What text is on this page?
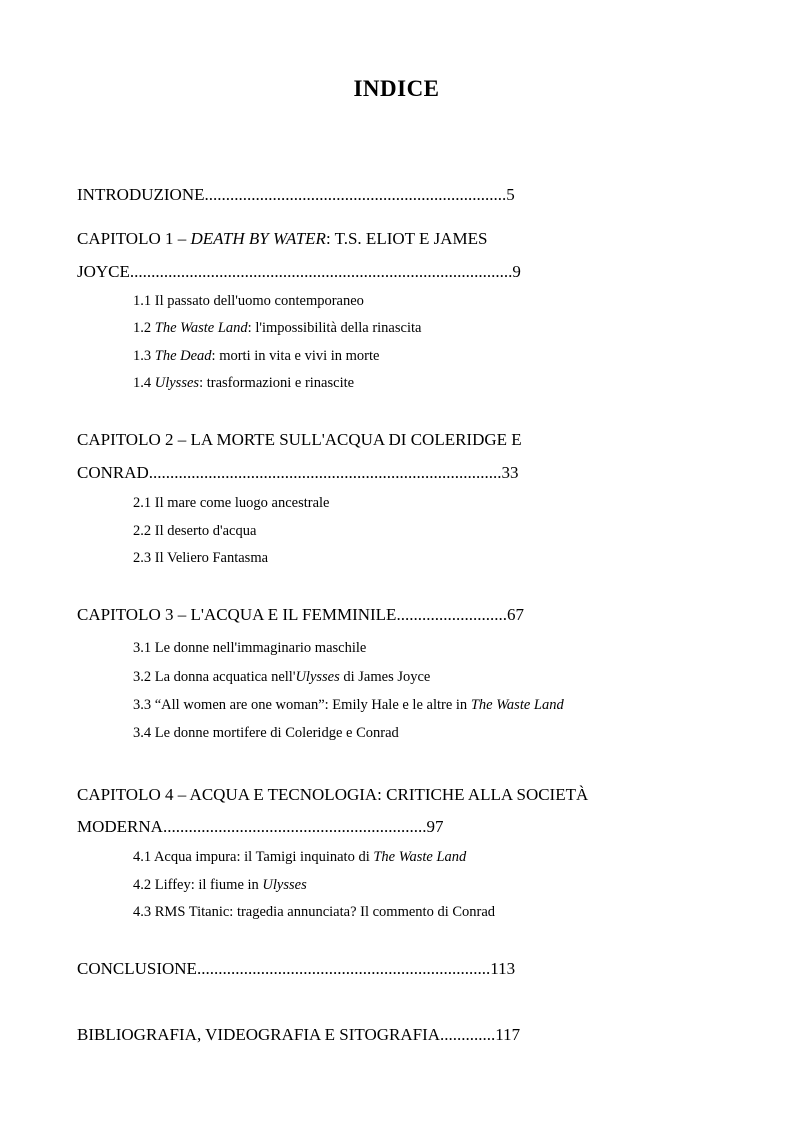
INDICE
INTRODUZIONE.......................................................................5
CAPITOLO 1 – DEATH BY WATER: T.S. ELIOT E JAMES
JOYCE..........................................................................................9
1.1 Il passato dell'uomo contemporaneo
1.2 The Waste Land: l'impossibilità della rinascita
1.3 The Dead: morti in vita e vivi in morte
1.4 Ulysses: trasformazioni e rinascite
CAPITOLO 2 – LA MORTE SULL'ACQUA DI COLERIDGE E
CONRAD...................................................................................33
2.1 Il mare come luogo ancestrale
2.2 Il deserto d'acqua
2.3 Il Veliero Fantasma
CAPITOLO 3 – L'ACQUA E IL FEMMINILE..........................67
3.1 Le donne nell'immaginario maschile
3.2 La donna acquatica nell'Ulysses di James Joyce
3.3 “All women are one woman”: Emily Hale e le altre in The Waste Land
3.4 Le donne mortifere di Coleridge e Conrad
CAPITOLO 4 – ACQUA E TECNOLOGIA: CRITICHE ALLA SOCIETÀ
MODERNA..............................................................97
4.1 Acqua impura: il Tamigi inquinato di The Waste Land
4.2 Liffey: il fiume in Ulysses
4.3 RMS Titanic: tragedia annunciata? Il commento di Conrad
CONCLUSIONE.....................................................................113
BIBLIOGRAFIA, VIDEOGRAFIA E SITOGRAFIA.............117
